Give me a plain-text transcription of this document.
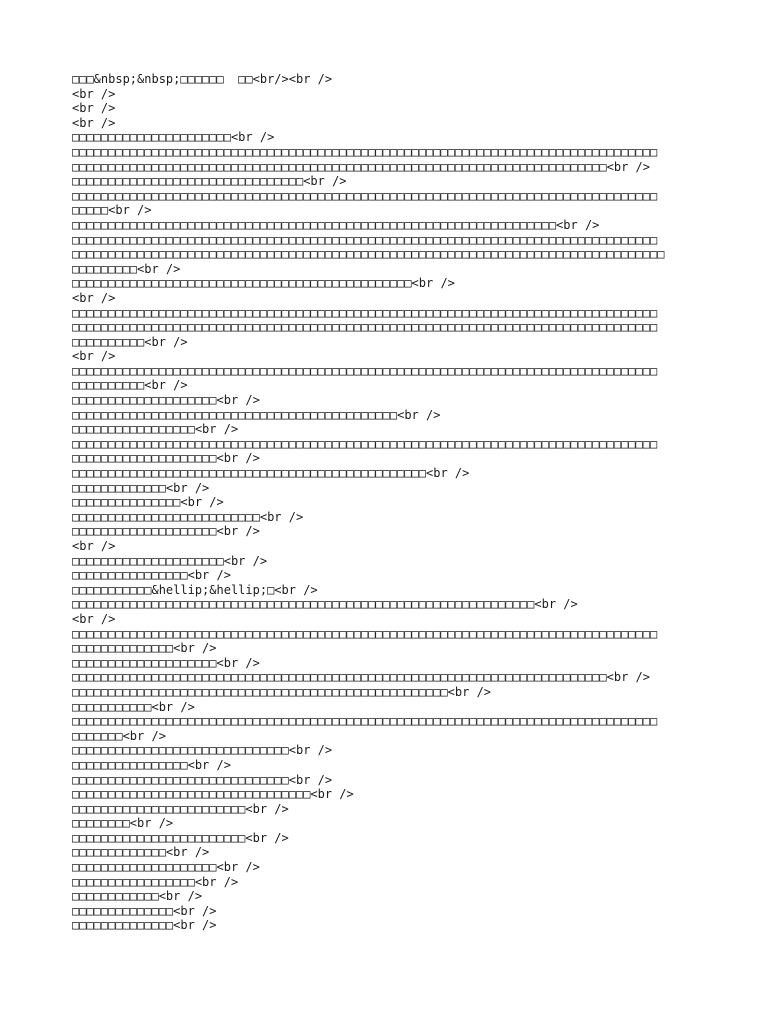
□□□&nbsp;&nbsp;□□□□□□  □□<br/><br />
<br />
<br />
<br />
□□□□□□□□□□□□□□□□□□□□□□<br />
□□□□□□□□□□□□□□□□□□□□□□□□□□□□□□□□□□□□□□□□□□□□□□□□□□□□□□□□□□□□□□□□□□□□□□□□□□□□□□□□□
□□□□□□□□□□□□□□□□□□□□□□□□□□□□□□□□□□□□□□□□□□□□□□□□□□□□□□□□□□□□□□□□□□□□□□□□□□<br />
□□□□□□□□□□□□□□□□□□□□□□□□□□□□□□□□<br />
□□□□□□□□□□□□□□□□□□□□□□□□□□□□□□□□□□□□□□□□□□□□□□□□□□□□□□□□□□□□□□□□□□□□□□□□□□□□□□□□□
□□□□□<br />
□□□□□□□□□□□□□□□□□□□□□□□□□□□□□□□□□□□□□□□□□□□□□□□□□□□□□□□□□□□□□□□□□□□<br />
□□□□□□□□□□□□□□□□□□□□□□□□□□□□□□□□□□□□□□□□□□□□□□□□□□□□□□□□□□□□□□□□□□□□□□□□□□□□□□□□□
□□□□□□□□□□□□□□□□□□□□□□□□□□□□□□□□□□□□□□□□□□□□□□□□□□□□□□□□□□□□□□□□□□□□□□□□□□□□□□□□□□
□□□□□□□□□<br />
□□□□□□□□□□□□□□□□□□□□□□□□□□□□□□□□□□□□□□□□□□□□□□□<br />
<br />
□□□□□□□□□□□□□□□□□□□□□□□□□□□□□□□□□□□□□□□□□□□□□□□□□□□□□□□□□□□□□□□□□□□□□□□□□□□□□□□□□
□□□□□□□□□□□□□□□□□□□□□□□□□□□□□□□□□□□□□□□□□□□□□□□□□□□□□□□□□□□□□□□□□□□□□□□□□□□□□□□□□
□□□□□□□□□□<br />
<br />
□□□□□□□□□□□□□□□□□□□□□□□□□□□□□□□□□□□□□□□□□□□□□□□□□□□□□□□□□□□□□□□□□□□□□□□□□□□□□□□□□
□□□□□□□□□□<br />
□□□□□□□□□□□□□□□□□□□□<br />
□□□□□□□□□□□□□□□□□□□□□□□□□□□□□□□□□□□□□□□□□□□□□<br />
□□□□□□□□□□□□□□□□□<br />
□□□□□□□□□□□□□□□□□□□□□□□□□□□□□□□□□□□□□□□□□□□□□□□□□□□□□□□□□□□□□□□□□□□□□□□□□□□□□□□□□
□□□□□□□□□□□□□□□□□□□□<br />
□□□□□□□□□□□□□□□□□□□□□□□□□□□□□□□□□□□□□□□□□□□□□□□□□<br />
□□□□□□□□□□□□□<br />
□□□□□□□□□□□□□□□<br />
□□□□□□□□□□□□□□□□□□□□□□□□□□<br />
□□□□□□□□□□□□□□□□□□□□<br />
<br />
□□□□□□□□□□□□□□□□□□□□□<br />
□□□□□□□□□□□□□□□□<br />
□□□□□□□□□□□&hellip;&hellip;□<br />
□□□□□□□□□□□□□□□□□□□□□□□□□□□□□□□□□□□□□□□□□□□□□□□□□□□□□□□□□□□□□□□□<br />
<br />
□□□□□□□□□□□□□□□□□□□□□□□□□□□□□□□□□□□□□□□□□□□□□□□□□□□□□□□□□□□□□□□□□□□□□□□□□□□□□□□□□
□□□□□□□□□□□□□□<br />
□□□□□□□□□□□□□□□□□□□□<br />
□□□□□□□□□□□□□□□□□□□□□□□□□□□□□□□□□□□□□□□□□□□□□□□□□□□□□□□□□□□□□□□□□□□□□□□□□□<br />
□□□□□□□□□□□□□□□□□□□□□□□□□□□□□□□□□□□□□□□□□□□□□□□□□□□□<br />
□□□□□□□□□□□<br />
□□□□□□□□□□□□□□□□□□□□□□□□□□□□□□□□□□□□□□□□□□□□□□□□□□□□□□□□□□□□□□□□□□□□□□□□□□□□□□□□□
□□□□□□□<br />
□□□□□□□□□□□□□□□□□□□□□□□□□□□□□□<br />
□□□□□□□□□□□□□□□□<br />
□□□□□□□□□□□□□□□□□□□□□□□□□□□□□□<br />
□□□□□□□□□□□□□□□□□□□□□□□□□□□□□□□□□<br />
□□□□□□□□□□□□□□□□□□□□□□□□<br />
□□□□□□□□<br />
□□□□□□□□□□□□□□□□□□□□□□□□<br />
□□□□□□□□□□□□□<br />
□□□□□□□□□□□□□□□□□□□□<br />
□□□□□□□□□□□□□□□□□<br />
□□□□□□□□□□□□<br />
□□□□□□□□□□□□□□<br />
□□□□□□□□□□□□□□<br />
